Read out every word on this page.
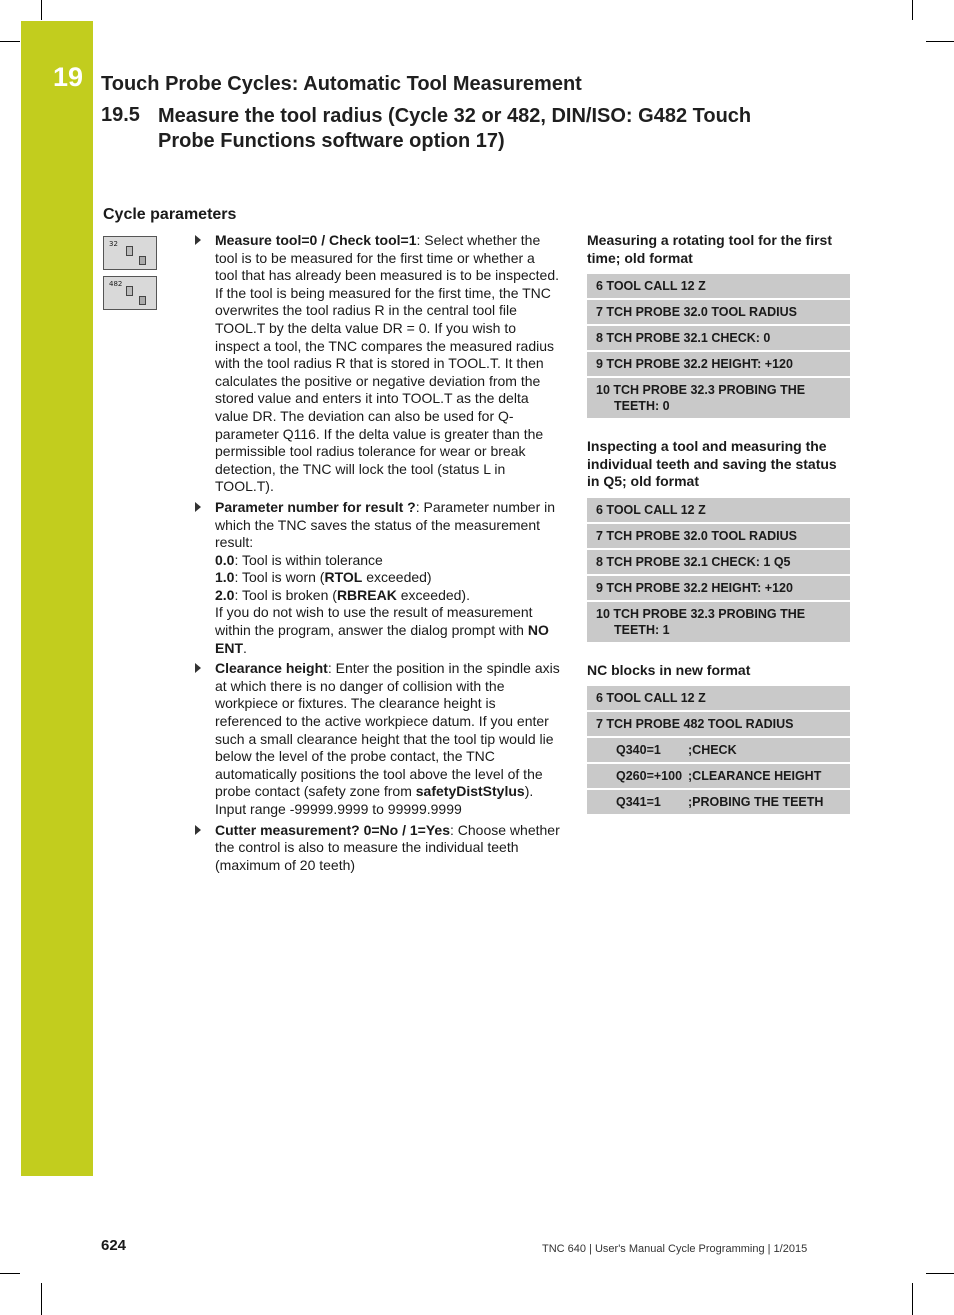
19 Touch Probe Cycles: Automatic Tool Measurement
19.5 Measure the tool radius (Cycle 32 or 482, DIN/ISO: G482 Touch
Probe Functions software option 17)
Cycle parameters
32
482
Measure tool=0 / Check tool=1: Select whether the tool is to be measured for the first time or whether a tool that has already been measured is to be inspected. If the tool is being measured for the first time, the TNC overwrites the tool radius R in the central tool file TOOL.T by the delta value DR = 0. If you wish to inspect a tool, the TNC compares the measured radius with the tool radius R that is stored in TOOL.T. It then calculates the positive or negative deviation from the stored value and enters it into TOOL.T as the delta value DR. The deviation can also be used for Q-parameter Q116. If the delta value is greater than the permissible tool radius tolerance for wear or break detection, the TNC will lock the tool (status L in TOOL.T).
Parameter number for result ?: Parameter number in which the TNC saves the status of the measurement result:
0.0: Tool is within tolerance
1.0: Tool is worn (RTOL exceeded)
2.0: Tool is broken (RBREAK exceeded).
If you do not wish to use the result of measurement within the program, answer the dialog prompt with NO ENT.
Clearance height: Enter the position in the spindle axis at which there is no danger of collision with the workpiece or fixtures. The clearance height is referenced to the active workpiece datum. If you enter such a small clearance height that the tool tip would lie below the level of the probe contact, the TNC automatically positions the tool above the level of the probe contact (safety zone from safetyDistStylus). Input range -99999.9999 to 99999.9999
Cutter measurement? 0=No / 1=Yes: Choose whether the control is also to measure the individual teeth (maximum of 20 teeth)
Measuring a rotating tool for the first time; old format
6 TOOL CALL 12 Z
7 TCH PROBE 32.0 TOOL RADIUS
8 TCH PROBE 32.1 CHECK: 0
9 TCH PROBE 32.2 HEIGHT: +120
10 TCH PROBE 32.3 PROBING THE
TEETH: 0
Inspecting a tool and measuring the individual teeth and saving the status in Q5; old format
6 TOOL CALL 12 Z
7 TCH PROBE 32.0 TOOL RADIUS
8 TCH PROBE 32.1 CHECK: 1 Q5
9 TCH PROBE 32.2 HEIGHT: +120
10 TCH PROBE 32.3 PROBING THE
TEETH: 1
NC blocks in new format
6 TOOL CALL 12 Z
7 TCH PROBE 482 TOOL RADIUS
Q340=1 ;CHECK
Q260=+100 ;CLEARANCE HEIGHT
Q341=1 ;PROBING THE TEETH
624	TNC 640 | User's Manual Cycle Programming | 1/2015
